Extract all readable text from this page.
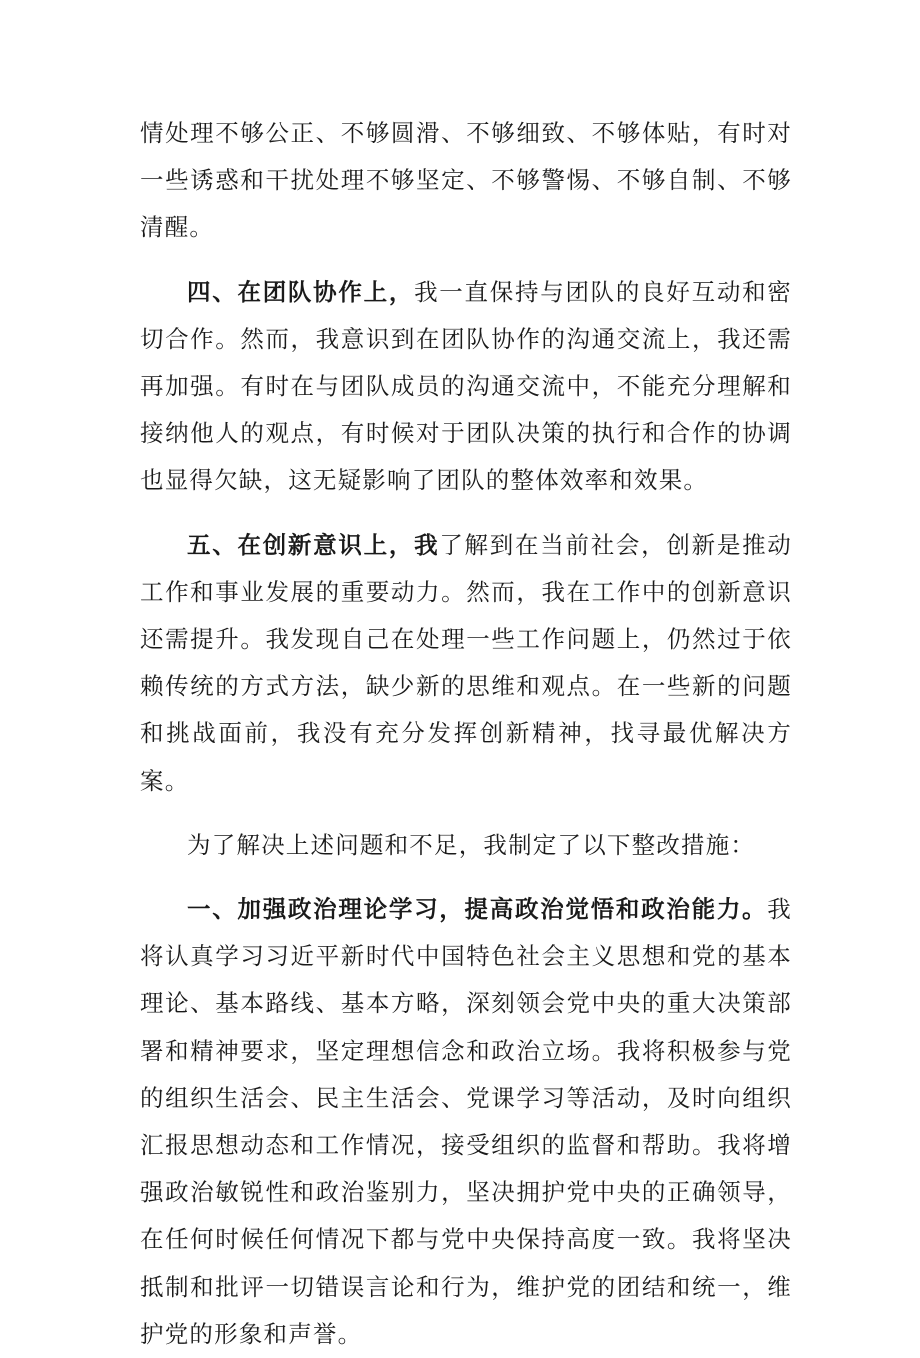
情处理不够公正、不够圆滑、不够细致、不够体贴，有时对一些诱惑和干扰处理不够坚定、不够警惕、不够自制、不够清醒。

四、在团队协作上，我一直保持与团队的良好互动和密切合作。然而，我意识到在团队协作的沟通交流上，我还需再加强。有时在与团队成员的沟通交流中，不能充分理解和接纳他人的观点，有时候对于团队决策的执行和合作的协调也显得欠缺，这无疑影响了团队的整体效率和效果。

五、在创新意识上，我了解到在当前社会，创新是推动工作和事业发展的重要动力。然而，我在工作中的创新意识还需提升。我发现自己在处理一些工作问题上，仍然过于依赖传统的方式方法，缺少新的思维和观点。在一些新的问题和挑战面前，我没有充分发挥创新精神，找寻最优解决方案。

为了解决上述问题和不足，我制定了以下整改措施：

一、加强政治理论学习，提高政治觉悟和政治能力。我将认真学习习近平新时代中国特色社会主义思想和党的基本理论、基本路线、基本方略，深刻领会党中央的重大决策部署和精神要求，坚定理想信念和政治立场。我将积极参与党的组织生活会、民主生活会、党课学习等活动，及时向组织汇报思想动态和工作情况，接受组织的监督和帮助。我将增强政治敏锐性和政治鉴别力，坚决拥护党中央的正确领导，在任何时候任何情况下都与党中央保持高度一致。我将坚决抵制和批评一切错误言论和行为，维护党的团结和统一，维护党的形象和声誉。
